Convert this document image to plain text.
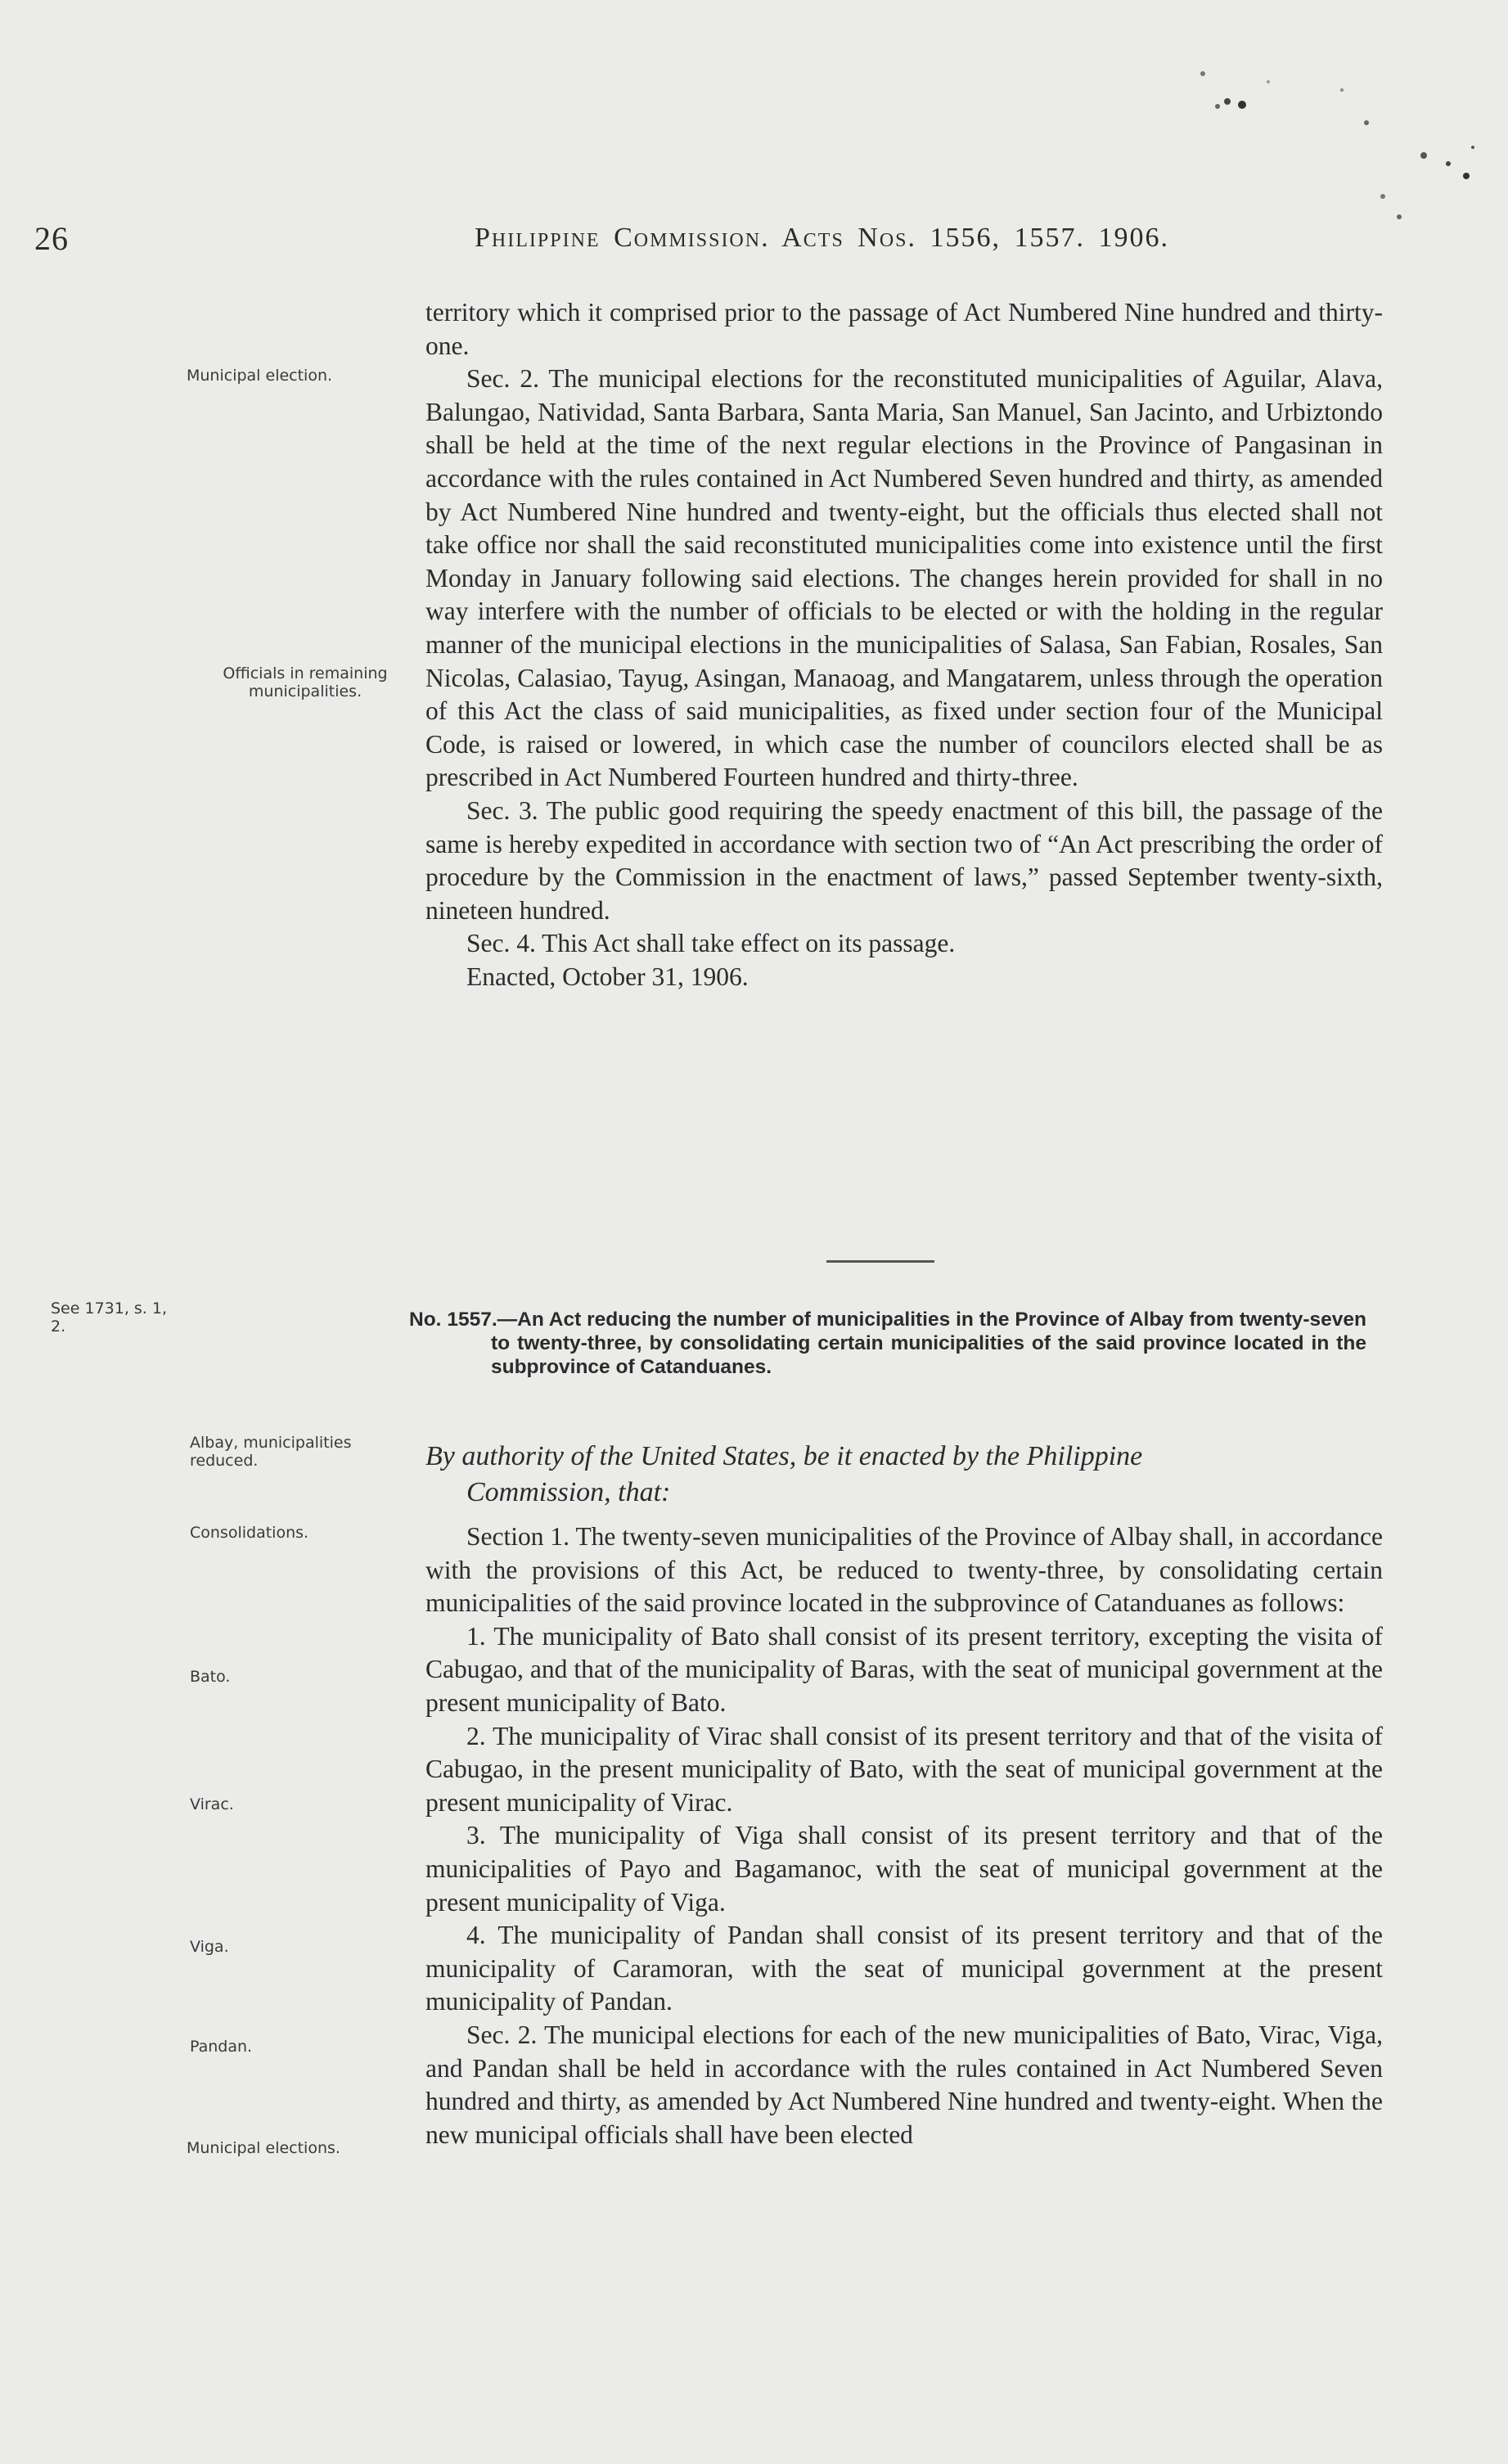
26	Philippine Commission. Acts Nos. 1556, 1557. 1906.
Municipal election.
Officials in remaining municipalities.
See 1731, s. 1, 2.
Albay, municipalities reduced.
Consolidations.
Bato.
Virac.
Viga.
Pandan.
Municipal elections.

territory which it comprised prior to the passage of Act Numbered Nine hundred and thirty-one.

Sec. 2. The municipal elections for the reconstituted municipalities of Aguilar, Alava, Balungao, Natividad, Santa Barbara, Santa Maria, San Manuel, San Jacinto, and Urbiztondo shall be held at the time of the next regular elections in the Province of Pangasinan in accordance with the rules contained in Act Numbered Seven hundred and thirty, as amended by Act Numbered Nine hundred and twenty-eight, but the officials thus elected shall not take office nor shall the said reconstituted municipalities come into existence until the first Monday in January following said elections. The changes herein provided for shall in no way interfere with the number of officials to be elected or with the holding in the regular manner of the municipal elections in the municipalities of Salasa, San Fabian, Rosales, San Nicolas, Calasiao, Tayug, Asingan, Manaoag, and Mangatarem, unless through the operation of this Act the class of said municipalities, as fixed under section four of the Municipal Code, is raised or lowered, in which case the number of councilors elected shall be as prescribed in Act Numbered Fourteen hundred and thirty-three.

Sec. 3. The public good requiring the speedy enactment of this bill, the passage of the same is hereby expedited in accordance with section two of “An Act prescribing the order of procedure by the Commission in the enactment of laws,” passed September twenty-sixth, nineteen hundred.

Sec. 4. This Act shall take effect on its passage.

Enacted, October 31, 1906.

No. 1557.—An Act reducing the number of municipalities in the Province of Albay from twenty-seven to twenty-three, by consolidating certain municipalities of the said province located in the subprovince of Catanduanes.
By authority of the United States, be it enacted by the Philippine
Commission, that:

Section 1. The twenty-seven municipalities of the Province of Albay shall, in accordance with the provisions of this Act, be reduced to twenty-three, by consolidating certain municipalities of the said province located in the subprovince of Catanduanes as follows:

1. The municipality of Bato shall consist of its present territory, excepting the visita of Cabugao, and that of the municipality of Baras, with the seat of municipal government at the present municipality of Bato.

2. The municipality of Virac shall consist of its present territory and that of the visita of Cabugao, in the present municipality of Bato, with the seat of municipal government at the present municipality of Virac.

3. The municipality of Viga shall consist of its present territory and that of the municipalities of Payo and Bagamanoc, with the seat of municipal government at the present municipality of Viga.

4. The municipality of Pandan shall consist of its present territory and that of the municipality of Caramoran, with the seat of municipal government at the present municipality of Pandan.

Sec. 2. The municipal elections for each of the new municipalities of Bato, Virac, Viga, and Pandan shall be held in accordance with the rules contained in Act Numbered Seven hundred and thirty, as amended by Act Numbered Nine hundred and twenty-eight. When the new municipal officials shall have been elected
